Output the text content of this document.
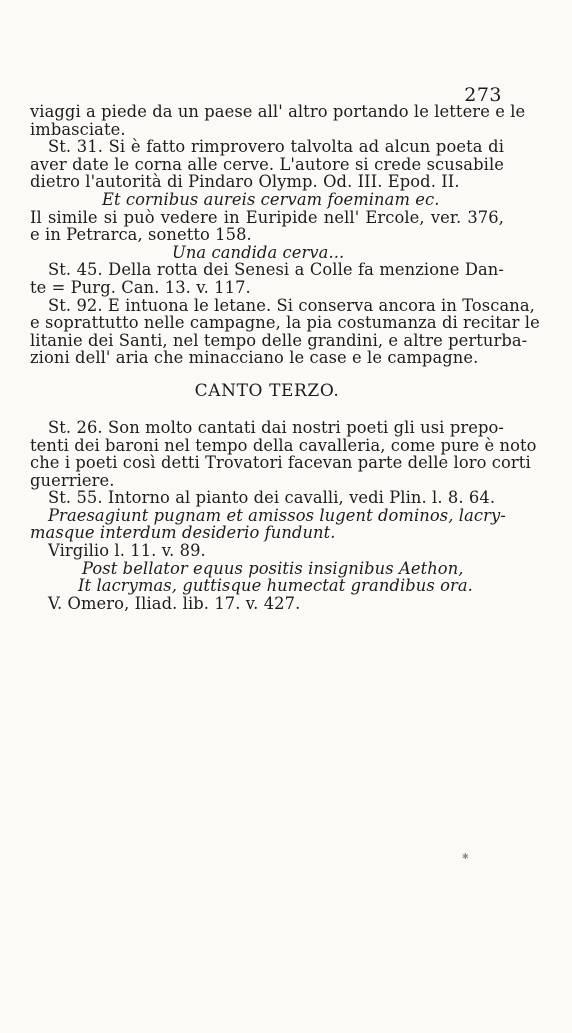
273

viaggi a piede da un paese all' altro portando le lettere e le

imbasciate.

St. 31. Si è fatto rimprovero talvolta ad alcun poeta di

aver date le corna alle cerve. L'autore si crede scusabile

dietro l'autorità di Pindaro Olymp. Od. III. Epod. II.

Et cornibus aureis cervam foeminam ec.

Il simile si può vedere in Euripide nell' Ercole, ver. 376,

e in Petrarca, sonetto 158.

Una candida cerva...

St. 45. Della rotta dei Senesi a Colle fa menzione Dan-

te = Purg. Can. 13. v. 117.

St. 92. E intuona le letane. Si conserva ancora in Toscana,

e soprattutto nelle campagne, la pia costumanza di recitar le

litanie dei Santi, nel tempo delle grandini, e altre perturba-

zioni dell' aria che minacciano le case e le campagne.

CANTO TERZO.

St. 26. Son molto cantati dai nostri poeti gli usi prepo-

tenti dei baroni nel tempo della cavalleria, come pure è noto

che i poeti così detti Trovatori facevan parte delle loro corti

guerriere.

St. 55. Intorno al pianto dei cavalli, vedi Plin. l. 8. 64.

Praesagiunt pugnam et amissos lugent dominos, lacry-

masque interdum desiderio fundunt.

Virgilio l. 11. v. 89.

Post bellator equus positis insignibus Aethon,

It lacrymas, guttisque humectat grandibus ora.

V. Omero, Iliad. lib. 17. v. 427.

✱
